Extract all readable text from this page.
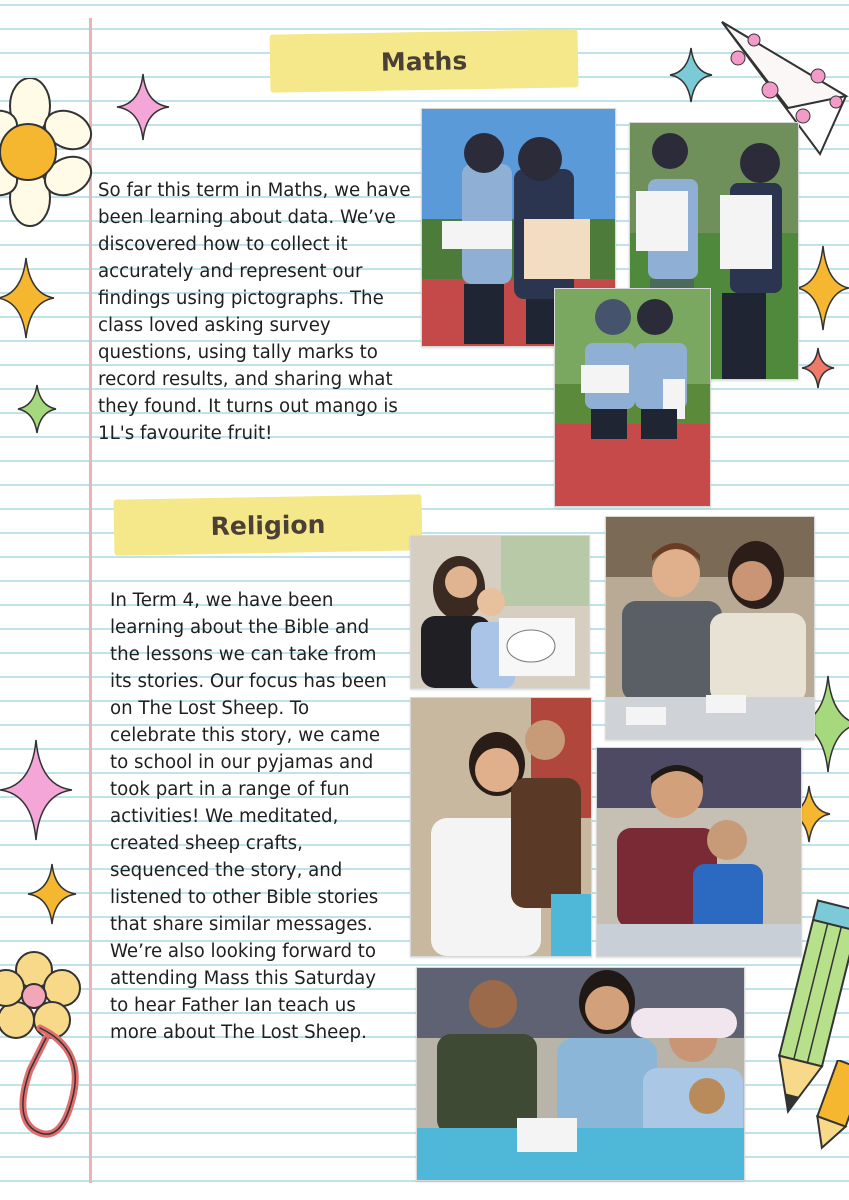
Maths
Religion
So far this term in Maths, we have been learning about data. We’ve discovered how to collect it accurately and represent our findings using pictographs. The class loved asking survey questions, using tally marks to record results, and sharing what they found. It turns out mango is 1L's favourite fruit!
In Term 4, we have been learning about the Bible and the lessons we can take from its stories. Our focus has been on The Lost Sheep. To celebrate this story, we came to school in our pyjamas and took part in a range of fun activities! We meditated, created sheep crafts, sequenced the story, and listened to other Bible stories that share similar messages. We’re also looking forward to attending Mass this Saturday to hear Father Ian teach us more about The Lost Sheep.
